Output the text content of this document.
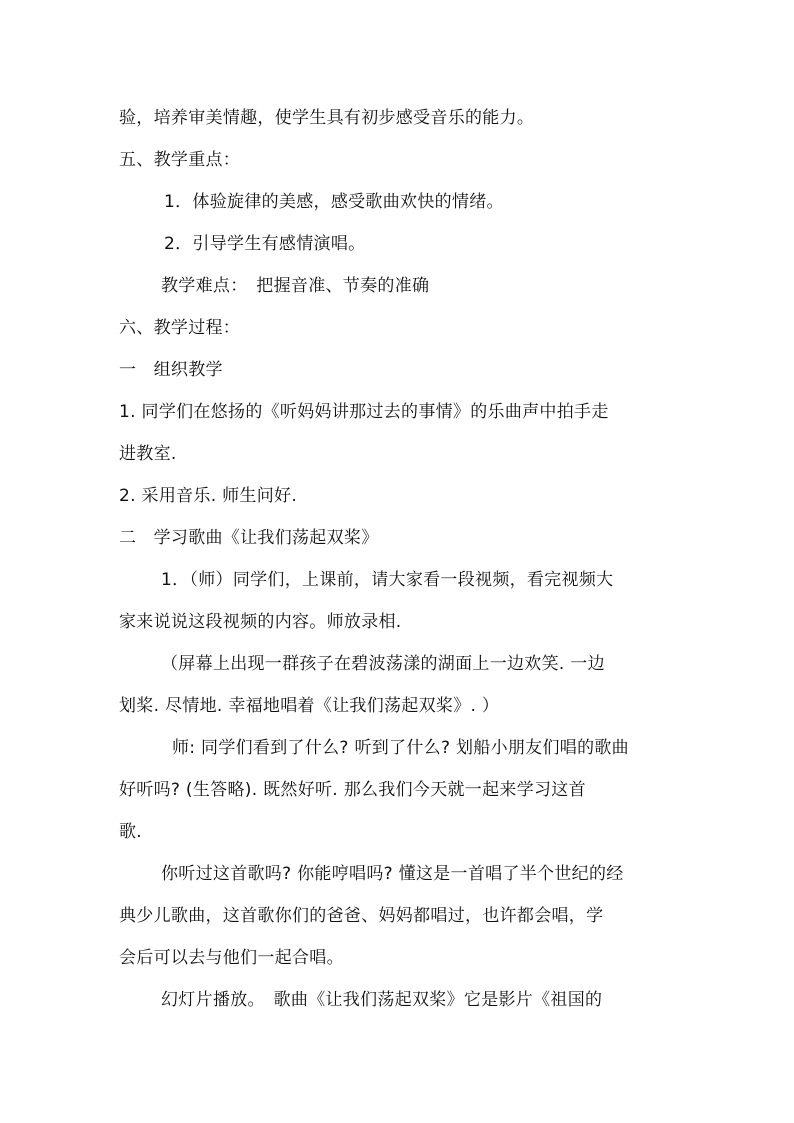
验，培养审美情趣，使学生具有初步感受音乐的能力。
五、教学重点：
1．体验旋律的美感，感受歌曲欢快的情绪。
2．引导学生有感情演唱。
教学难点：　把握音准、节奏的准确
六、教学过程：
一　组织教学
1. 同学们在悠扬的《听妈妈讲那过去的事情》的乐曲声中拍手走
进教室.
2. 采用音乐. 师生问好.
二　学习歌曲《让我们荡起双桨》
1．（师）同学们，上课前，请大家看一段视频，看完视频大
家来说说这段视频的内容。师放录相.
（屏幕上出现一群孩子在碧波荡漾的湖面上一边欢笑. 一边
划桨. 尽情地. 幸福地唱着《让我们荡起双桨》. ）
师: 同学们看到了什么? 听到了什么? 划船小朋友们唱的歌曲
好听吗? (生答略). 既然好听. 那么我们今天就一起来学习这首
歌.
你听过这首歌吗? 你能哼唱吗? 懂这是一首唱了半个世纪的经
典少儿歌曲，这首歌你们的爸爸、妈妈都唱过，也许都会唱，学
会后可以去与他们一起合唱。
幻灯片播放。　歌曲《让我们荡起双桨》它是影片《祖国的
